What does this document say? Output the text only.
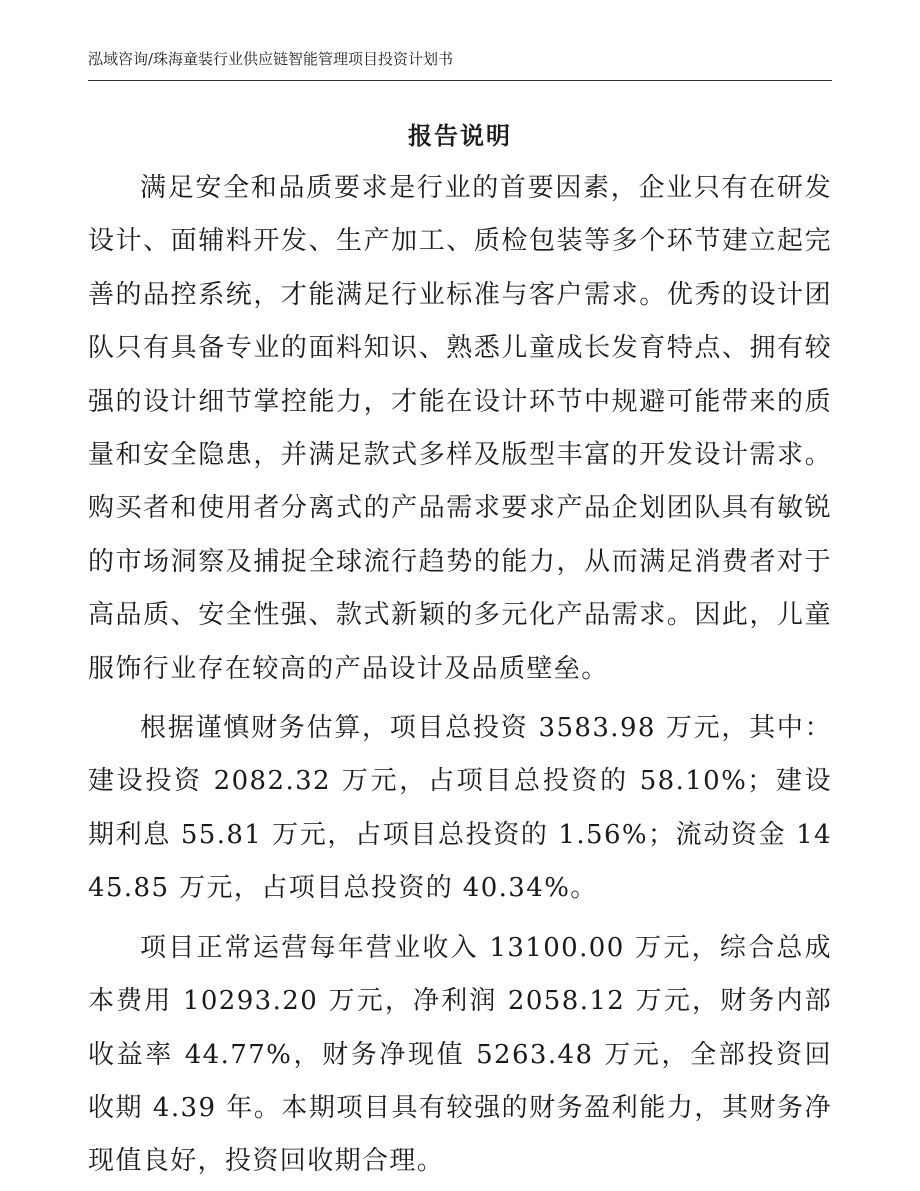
泓域咨询/珠海童装行业供应链智能管理项目投资计划书
报告说明

满足安全和品质要求是行业的首要因素，企业只有在研发设计、面辅料开发、生产加工、质检包装等多个环节建立起完善的品控系统，才能满足行业标准与客户需求。优秀的设计团队只有具备专业的面料知识、熟悉儿童成长发育特点、拥有较强的设计细节掌控能力，才能在设计环节中规避可能带来的质量和安全隐患，并满足款式多样及版型丰富的开发设计需求。购买者和使用者分离式的产品需求要求产品企划团队具有敏锐的市场洞察及捕捉全球流行趋势的能力，从而满足消费者对于高品质、安全性强、款式新颖的多元化产品需求。因此，儿童服饰行业存在较高的产品设计及品质壁垒。

根据谨慎财务估算，项目总投资 3583.98 万元，其中：建设投资 2082.32 万元，占项目总投资的 58.10%；建设期利息 55.81 万元，占项目总投资的 1.56%；流动资金 1445.85 万元，占项目总投资的 40.34%。

项目正常运营每年营业收入 13100.00 万元，综合总成本费用 10293.20 万元，净利润 2058.12 万元，财务内部收益率 44.77%，财务净现值 5263.48 万元，全部投资回收期 4.39 年。本期项目具有较强的财务盈利能力，其财务净现值良好，投资回收期合理。
